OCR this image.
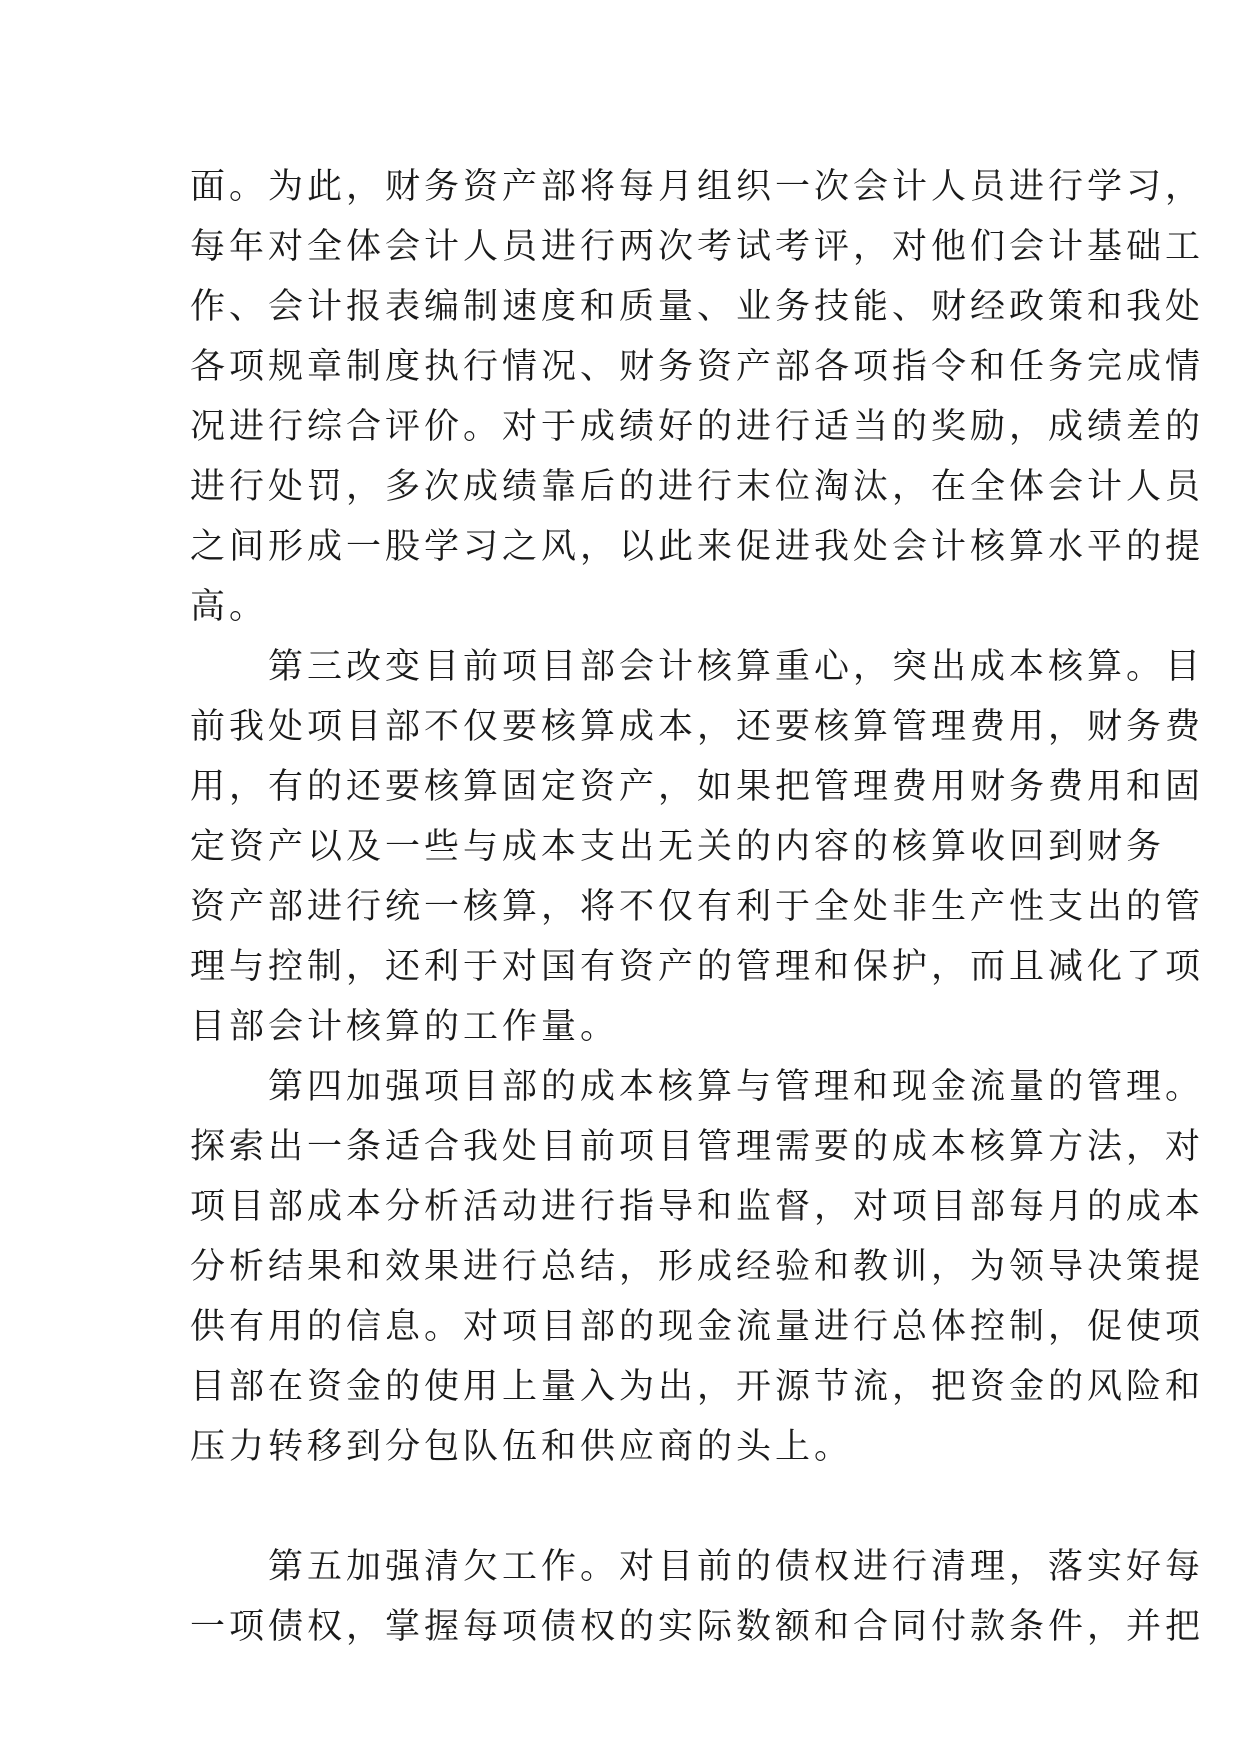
面。为此，财务资产部将每月组织一次会计人员进行学习，
每年对全体会计人员进行两次考试考评，对他们会计基础工
作、会计报表编制速度和质量、业务技能、财经政策和我处
各项规章制度执行情况、财务资产部各项指令和任务完成情
况进行综合评价。对于成绩好的进行适当的奖励，成绩差的
进行处罚，多次成绩靠后的进行末位淘汰，在全体会计人员
之间形成一股学习之风，以此来促进我处会计核算水平的提
高。
　　第三改变目前项目部会计核算重心，突出成本核算。目
前我处项目部不仅要核算成本，还要核算管理费用，财务费
用，有的还要核算固定资产，如果把管理费用财务费用和固
定资产以及一些与成本支出无关的内容的核算收回到财务
资产部进行统一核算，将不仅有利于全处非生产性支出的管
理与控制，还利于对国有资产的管理和保护，而且减化了项
目部会计核算的工作量。
　　第四加强项目部的成本核算与管理和现金流量的管理。
探索出一条适合我处目前项目管理需要的成本核算方法，对
项目部成本分析活动进行指导和监督，对项目部每月的成本
分析结果和效果进行总结，形成经验和教训，为领导决策提
供有用的信息。对项目部的现金流量进行总体控制，促使项
目部在资金的使用上量入为出，开源节流，把资金的风险和
压力转移到分包队伍和供应商的头上。
　　第五加强清欠工作。对目前的债权进行清理，落实好每
一项债权，掌握每项债权的实际数额和合同付款条件，并把
